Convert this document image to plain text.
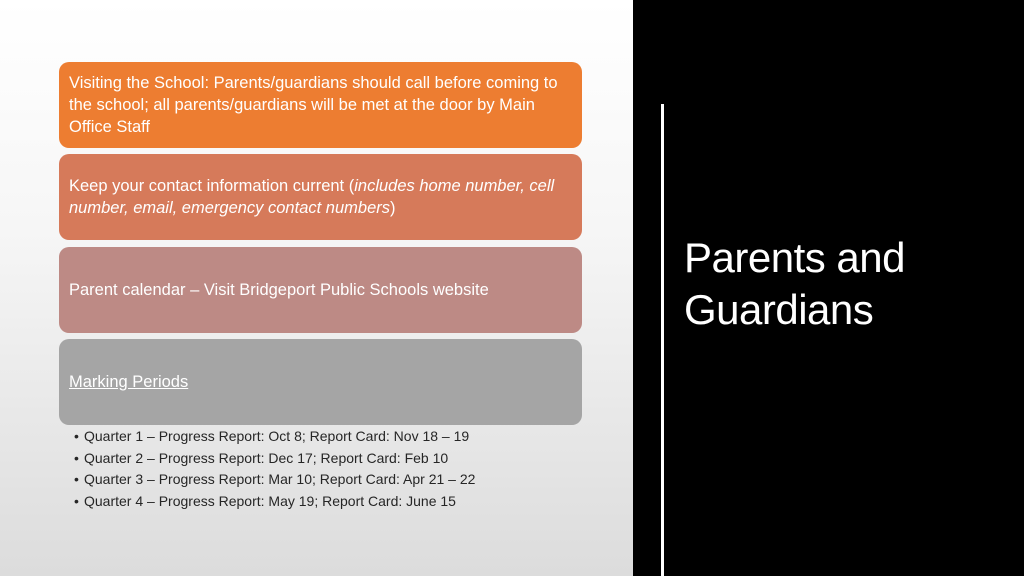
Visiting the School: Parents/guardians should call before coming to the school; all parents/guardians will be met at the door by Main Office Staff
Keep your contact information current (includes home number, cell number, email, emergency contact numbers)
Parent calendar – Visit Bridgeport Public Schools website
Marking Periods
• Quarter 1 – Progress Report: Oct 8; Report Card: Nov 18 – 19
• Quarter 2 – Progress Report: Dec 17; Report Card: Feb 10
• Quarter 3 – Progress Report: Mar 10; Report Card: Apr 21 – 22
• Quarter 4 – Progress Report: May 19; Report Card: June 15
Parents and Guardians
